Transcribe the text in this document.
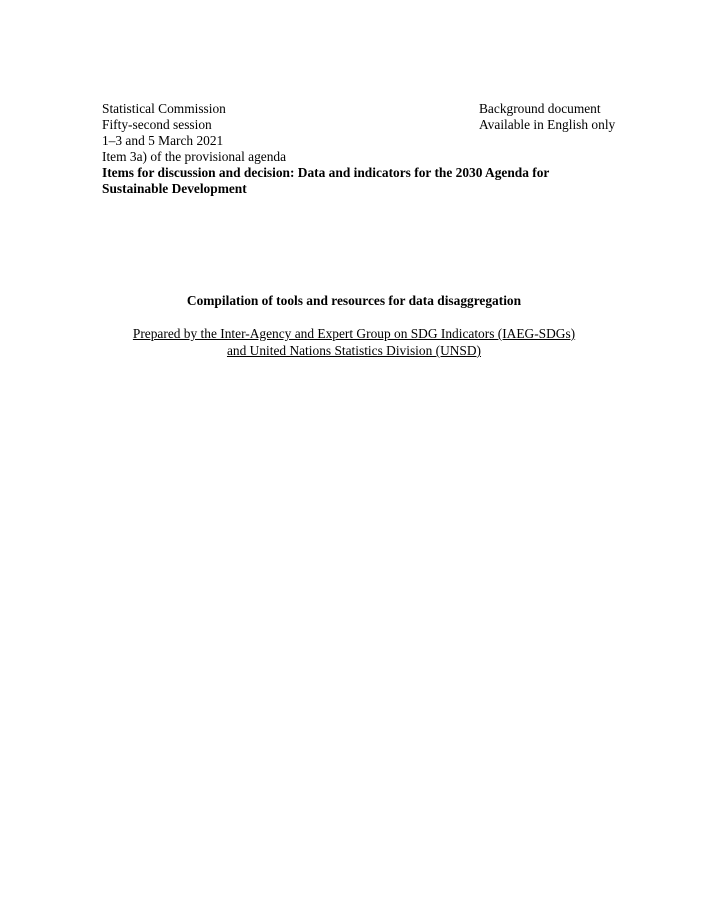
Statistical Commission
Fifty-second session
1–3 and 5 March 2021
Item 3a) of the provisional agenda
Items for discussion and decision: Data and indicators for the 2030 Agenda for Sustainable Development
Background document
Available in English only
Compilation of tools and resources for data disaggregation
Prepared by the Inter-Agency and Expert Group on SDG Indicators (IAEG-SDGs)
and United Nations Statistics Division (UNSD)
